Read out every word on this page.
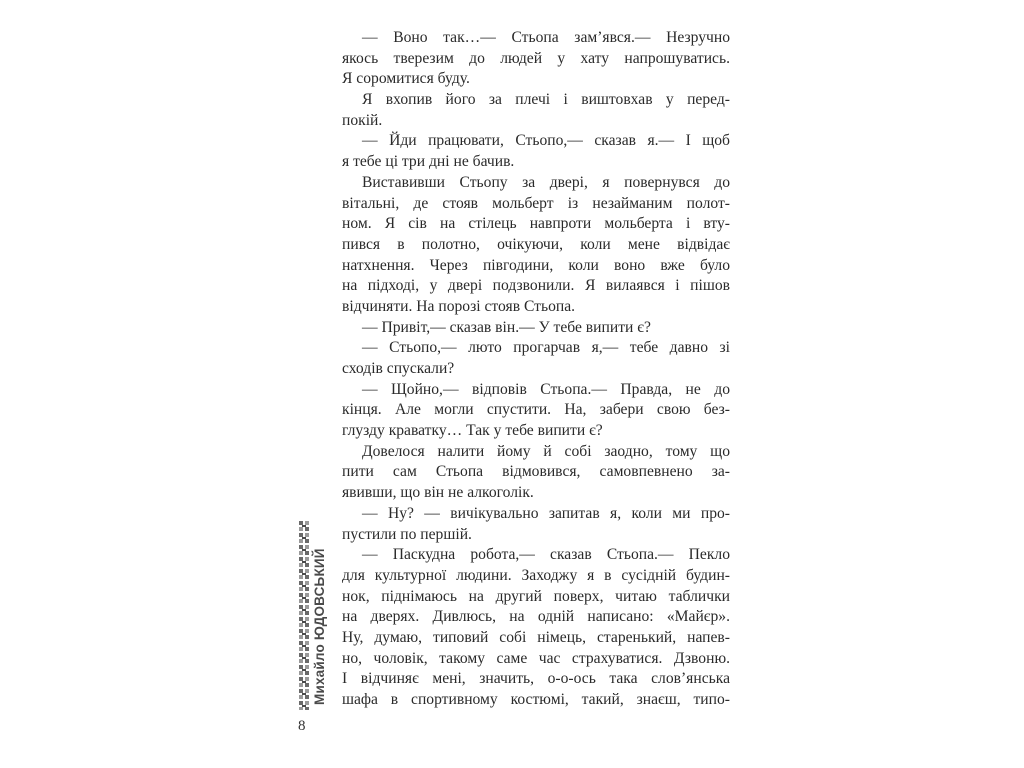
— Воно так…— Стьопа зам’явся.— Незручно
якось тверезим до людей у хату напрошуватись.
Я соромитися буду.
Я вхопив його за плечі і виштовхав у перед-
покій.
— Йди працювати, Стьопо,— сказав я.— І щоб
я тебе ці три дні не бачив.
Виставивши Стьопу за двері, я повернувся до
вітальні, де стояв мольберт із незайманим полот-
ном. Я сів на стілець навпроти мольберта і вту-
пився в полотно, очікуючи, коли мене відвідає
натхнення. Через півгодини, коли воно вже було
на підході, у двері подзвонили. Я вилаявся і пішов
відчиняти. На порозі стояв Стьопа.
— Привіт,— сказав він.— У тебе випити є?
— Стьопо,— люто прогарчав я,— тебе давно зі
сходів спускали?
— Щойно,— відповів Стьопа.— Правда, не до
кінця. Але могли спустити. На, забери свою без-
глузду краватку… Так у тебе випити є?
Довелося налити йому й собі заодно, тому що
пити сам Стьопа відмовився, самовпевнено за-
явивши, що він не алкоголік.
— Ну? — вичікувально запитав я, коли ми про-
пустили по першій.
— Паскудна робота,— сказав Стьопа.— Пекло
для культурної людини. Заходжу я в сусідній будин-
нок, піднімаюсь на другий поверх, читаю таблички
на дверях. Дивлюсь, на одній написано: «Майєр».
Ну, думаю, типовий собі німець, старенький, напев-
но, чоловік, такому саме час страхуватися. Дзвоню.
І відчиняє мені, значить, о-о-ось така слов’янська
шафа в спортивному костюмі, такий, знаєш, типо-
Михайло ЮДОВСЬКИЙ
8
